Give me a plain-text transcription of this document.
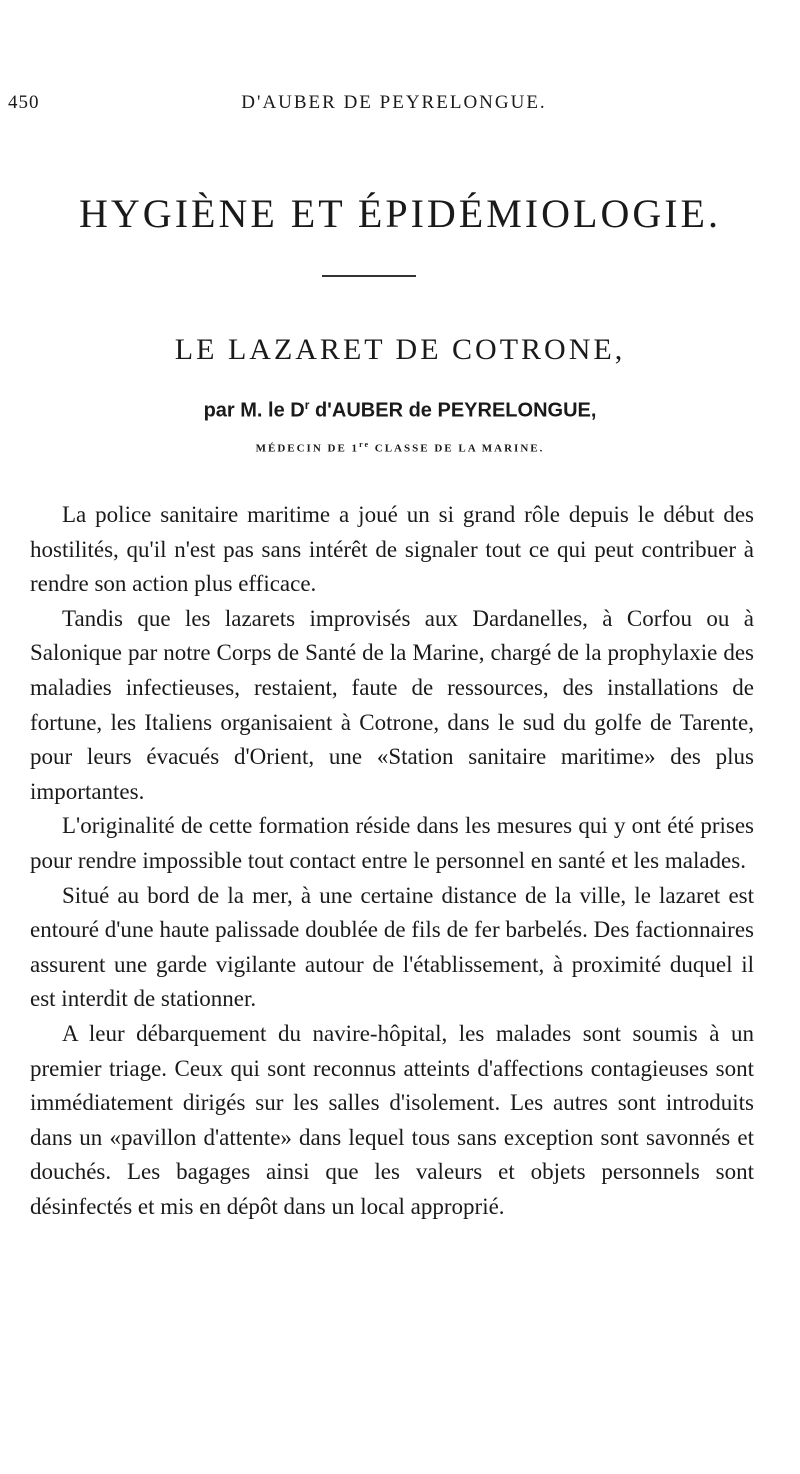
450	D'AUBER DE PEYRELONGUE.
HYGIÈNE ET ÉPIDÉMIOLOGIE.
LE LAZARET DE COTRONE,
par M. le $D^r$ d'AUBER de PEYRELONGUE,
MÉDECIN DE 1re CLASSE DE LA MARINE.

La police sanitaire maritime a joué un si grand rôle depuis le début des hostilités, qu'il n'est pas sans intérêt de signaler tout ce qui peut contribuer à rendre son action plus efficace.

Tandis que les lazarets improvisés aux Dardanelles, à Corfou ou à Salonique par notre Corps de Santé de la Marine, chargé de la prophylaxie des maladies infectieuses, restaient, faute de ressources, des installations de fortune, les Italiens organisaient à Cotrone, dans le sud du golfe de Tarente, pour leurs évacués d'Orient, une «Station sanitaire maritime» des plus importantes.

L'originalité de cette formation réside dans les mesures qui y ont été prises pour rendre impossible tout contact entre le personnel en santé et les malades.

Situé au bord de la mer, à une certaine distance de la ville, le lazaret est entouré d'une haute palissade doublée de fils de fer barbelés. Des factionnaires assurent une garde vigilante autour de l'établissement, à proximité duquel il est interdit de stationner.

A leur débarquement du navire-hôpital, les malades sont soumis à un premier triage. Ceux qui sont reconnus atteints d'affections contagieuses sont immédiatement dirigés sur les salles d'isolement. Les autres sont introduits dans un «pavillon d'attente» dans lequel tous sans exception sont savonnés et douchés. Les bagages ainsi que les valeurs et objets personnels sont désinfectés et mis en dépôt dans un local approprié.
